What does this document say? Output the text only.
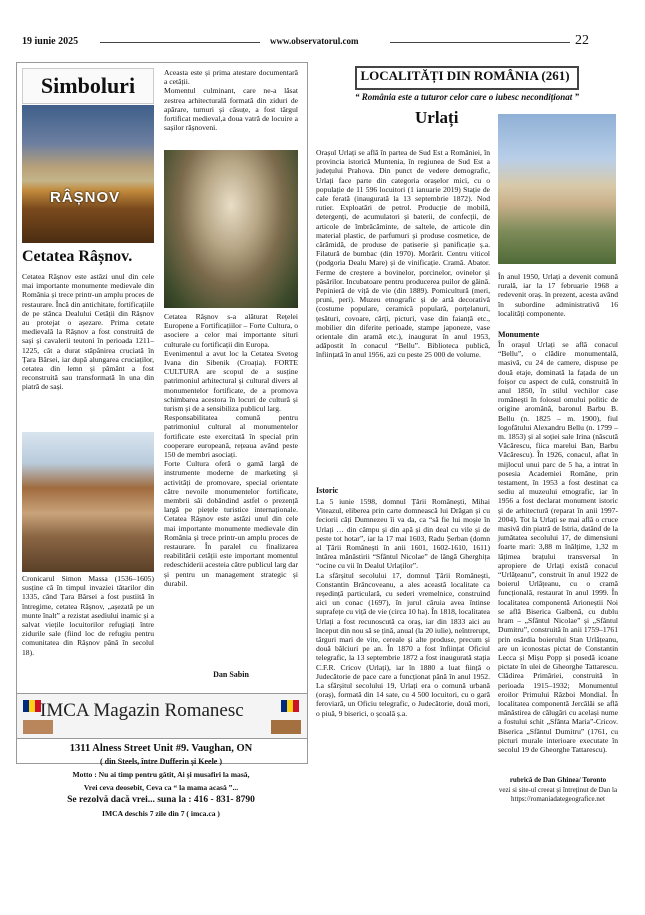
19 iunie 2025	www.observatorul.com	22
Simboluri
RÂȘNOV
Cetatea Râșnov.
Cetatea Râșnov este astăzi unul din cele mai importante monumente medievale din România și trece printr-un amplu proces de restaurare. Încă din antichitate, fortificațiile de pe stânca Dealului Cetății din Râșnov au protejat o așezare. Prima cetate medievală la Râșnov a fost construită de sași și cavalerii teutoni în perioada 1211–1225, cât a durat stăpânirea cruciată în Țara Bârsei, iar după alungarea cruciaților, cetatea din lemn și pământ a fost reconstruită sau transformată în una din piatră de sași.
Cronicarul Simon Massa (1536–1605) susține că în timpul invaziei tătarilor din 1335, când Țara Bârsei a fost pustiită în întregime, cetatea Râșnov, „așezată pe un munte înalt” a rezistat asediului inamic și a salvat viețile locuitorilor refugiați între zidurile sale (fiind loc de refugiu pentru comunitatea din Râșnov până în secolul 18).
Aceasta este și prima atestare documentară a cetății.
Momentul culminant, care ne-a lăsat zestrea arhitecturală formată din ziduri de apărare, turnuri și căsuțe, a fost târgul fortificat medieval,a doua vatră de locuire a sașilor râșnoveni.
Cetatea Râșnov s-a alăturat Rețelei Europene a Fortificațiilor – Forte Cultura, o asociere a celor mai importante situri culturale cu fortificații din Europa.
Evenimentul a avut loc la Cetatea Svetog Ivana din Sibenik (Croația). FORTE CULTURA are scopul de a susține patrimoniul arhitectural și cultural divers al monumentelor fortificate, de a promova schimbarea acestora în locuri de cultură și turism și de a sensibiliza publicul larg.
Responsabilitatea comună pentru patrimoniul cultural al monumentelor fortificate este exercitată în special prin cooperare europeană, rețeaua având peste 150 de membri asociați.
Forte Cultura oferă o gamă largă de instrumente moderne de marketing și activități de promovare, special orientate către nevoile monumentelor fortificate, membrii săi dobândind astfel o prezență largă pe piețele turistice internaționale. Cetatea Râșnov este astăzi unul din cele mai importante monumente medievale din România și trece printr-un amplu proces de restaurare. În paralel cu finalizarea reabilitării cetății este important momentul redeschiderii acesteia către publicul larg dar și pentru un management strategic și durabil.
Dan Sabin
IMCA Magazin Romanesc
1311 Alness Street Unit #9. Vaughan, ON
( din Steels, între Dufferin și Keele )
Motto : Nu ai timp pentru gătit, Ai și musafiri la masă,
Vrei ceva deosebit, Ceva ca “ la mama acasă ”...
Se rezolvă dacă vrei... suna la : 416 - 831- 8790
IMCA deschis 7 zile din 7 ( imca.ca )
LOCALITĂȚI DIN ROMÂNIA (261)
“ România este a tuturor celor care o iubesc necondiționat ”
Urlați
Orașul Urlați se află în partea de Sud Est a României, în provincia istorică Muntenia, în regiunea de Sud Est a județului Prahova. Din punct de vedere demografic, Urlați face parte din categoria orașelor mici, cu o populație de 11 596 locuitori (1 ianuarie 2019) Stație de cale ferată (inaugurată la 13 septembrie 1872). Nod rutier. Exploatări de petrol. Producție de mobilă, detergenți, de acumulatori și baterii, de confecții, de articole de îmbrăcăminte, de saltele, de articole din material plastic, de parfumuri și produse cosmetice, de cărămidă, de produse de patiserie și panificație ș.a. Filatură de bumbac (din 1970). Morărit. Centru viticol (podgoria Dealu Mare) și de vinificație. Cramă. Abator. Ferme de creștere a bovinelor, porcinelor, ovinelor și păsărilor. Incubatoare pentru producerea puilor de găină. Pepinieră de viță de vie (din 1889). Pomicultură (meri, pruni, peri). Muzeu etnografic și de artă decorativă (costume populare, ceramică populară, porțelanuri, țesături, covoare, cărți, picturi, vase din faianță etc., mobilier din diferite perioade, stampe japoneze, vase orientale din aramă etc.), inaugurat în anul 1953, adăpostit în conacul “Bellu”. Biblioteca publică, înființată în anul 1956, azi cu peste 25 000 de volume.
Istoric
La 5 iunie 1598, domnul Țării Românești, Mihai Viteazul, eliberea prin carte domnească lui Drăgan și cu feciorii căți Dumnezeu îi va da, ca “să fie lui moșie în Urlați … din câmpu și din apă și din deal cu vile și de peste tot hotar”, iar la 17 mai 1603, Radu Șerban (domn al Țării Românești în anii 1601, 1602-1610, 1611) întărea mănăstirii “Sfântul Nicolae” de lângă Gherghița “ocine cu vii în Dealul Urlaților”.
La sfârșitul secolului 17, domnul Țării Românești, Constantin Brâncoveanu, a ales această localitate ca reședință particulară, cu sederi vremelnice, construind aici un conac (1697), în jurul căruia avea întinse suprafețe cu viță de vie (circa 10 ha). În 1818, localitatea Urlați a fost recunoscută ca oraș, iar din 1833 aici au început din nou să se țină, anual (la 20 iulie), neîntrerupt, târguri mari de vite, cereale și alte produse, precum și două bâlciuri pe an. În 1870 a fost înființat Oficiul telegrafic, la 13 septembrie 1872 a fost inaugurată stația C.F.R. Cricov (Urlați), iar în 1880 a luat ființă o Judecătorie de pace care a funcționat până în anul 1952. La sfârșitul secolului 19, Urlați era o comună urbană (oraș), formată din 14 sate, cu 4 500 locuitori, cu o gară feroviară, un Oficiu telegrafic, o Judecătorie, două mori, o piuă, 9 biserici, o școală ș.a.
În anul 1950, Urlați a devenit comună rurală, iar la 17 februarie 1968 a redevenit oraș. în prezent, acesta având în subordine administrativă 16 localități componente.
Monumente
În orașul Urlați se află conacul “Bellu”, o clădire monumentală, masivă, cu 24 de camere, dispuse pe două etaje, dominată la fațada de un foișor cu aspect de culă, construită în anul 1850, în stilul vechilor case românești în folosul omului politic de origine aromână, baronul Barbu B. Bellu (n. 1825 – m. 1900), fiul logofătului Alexandru Bellu (n. 1799 – m. 1853) și al soției sale Irina (născută Văcărescu, fiica marelui Ban, Barbu Văcărescu). În 1926, conacul, aflat în mijlocul unui parc de 5 ha, a intrat în posesia Academiei Române, prin testament, în 1953 a fost destinat ca sediu al muzeului etnografic, iar în 1956 a fost declarat monument istoric și de arhitectură (reparat în anii 1997-2004). Tot la Urlați se mai află o cruce masivă din piatră de Istria, datând de la jumătatea secolului 17, de dimensiuni foarte mari: 3,88 m înălțime, 1,32 m lățimea brațului transversal în apropiere de Urlați există conacul “Urlățeanu”, construit în anul 1922 de boierul Urlățeanu, cu o cramă funcțională, restaurat în anul 1999. În localitatea componentă Arioneștii Noi se află Biserica Galbenă, cu dublu hram – „Sfântul Nicolae” și „Sfântul Dumitru”, construită în anii 1759–1761 prin osârdia boierului Stan Urlățeanu, are un iconostas pictat de Constantin Lecca și Mișu Popp și posedă icoane pictate în ulei de Gheorghe Tattarescu. Clădirea Primăriei, construită în perioada 1915–1932; Monumentul eroilor Primului Război Mondial. În localitatea componentă Jercălăi se află mănăstirea de călugări cu același nume a fostului schit „Sfânta Maria”-Cricov. Biserica „Sfântul Dumitru” (1761, cu picturi murale interioare executate în secolul 19 de Gheorghe Tattarescu).
rubrică de Dan Ghinea/ Toronto
vezi si site-ul creeat și întreținut de Dan la
https://romaniadategeografice.net
